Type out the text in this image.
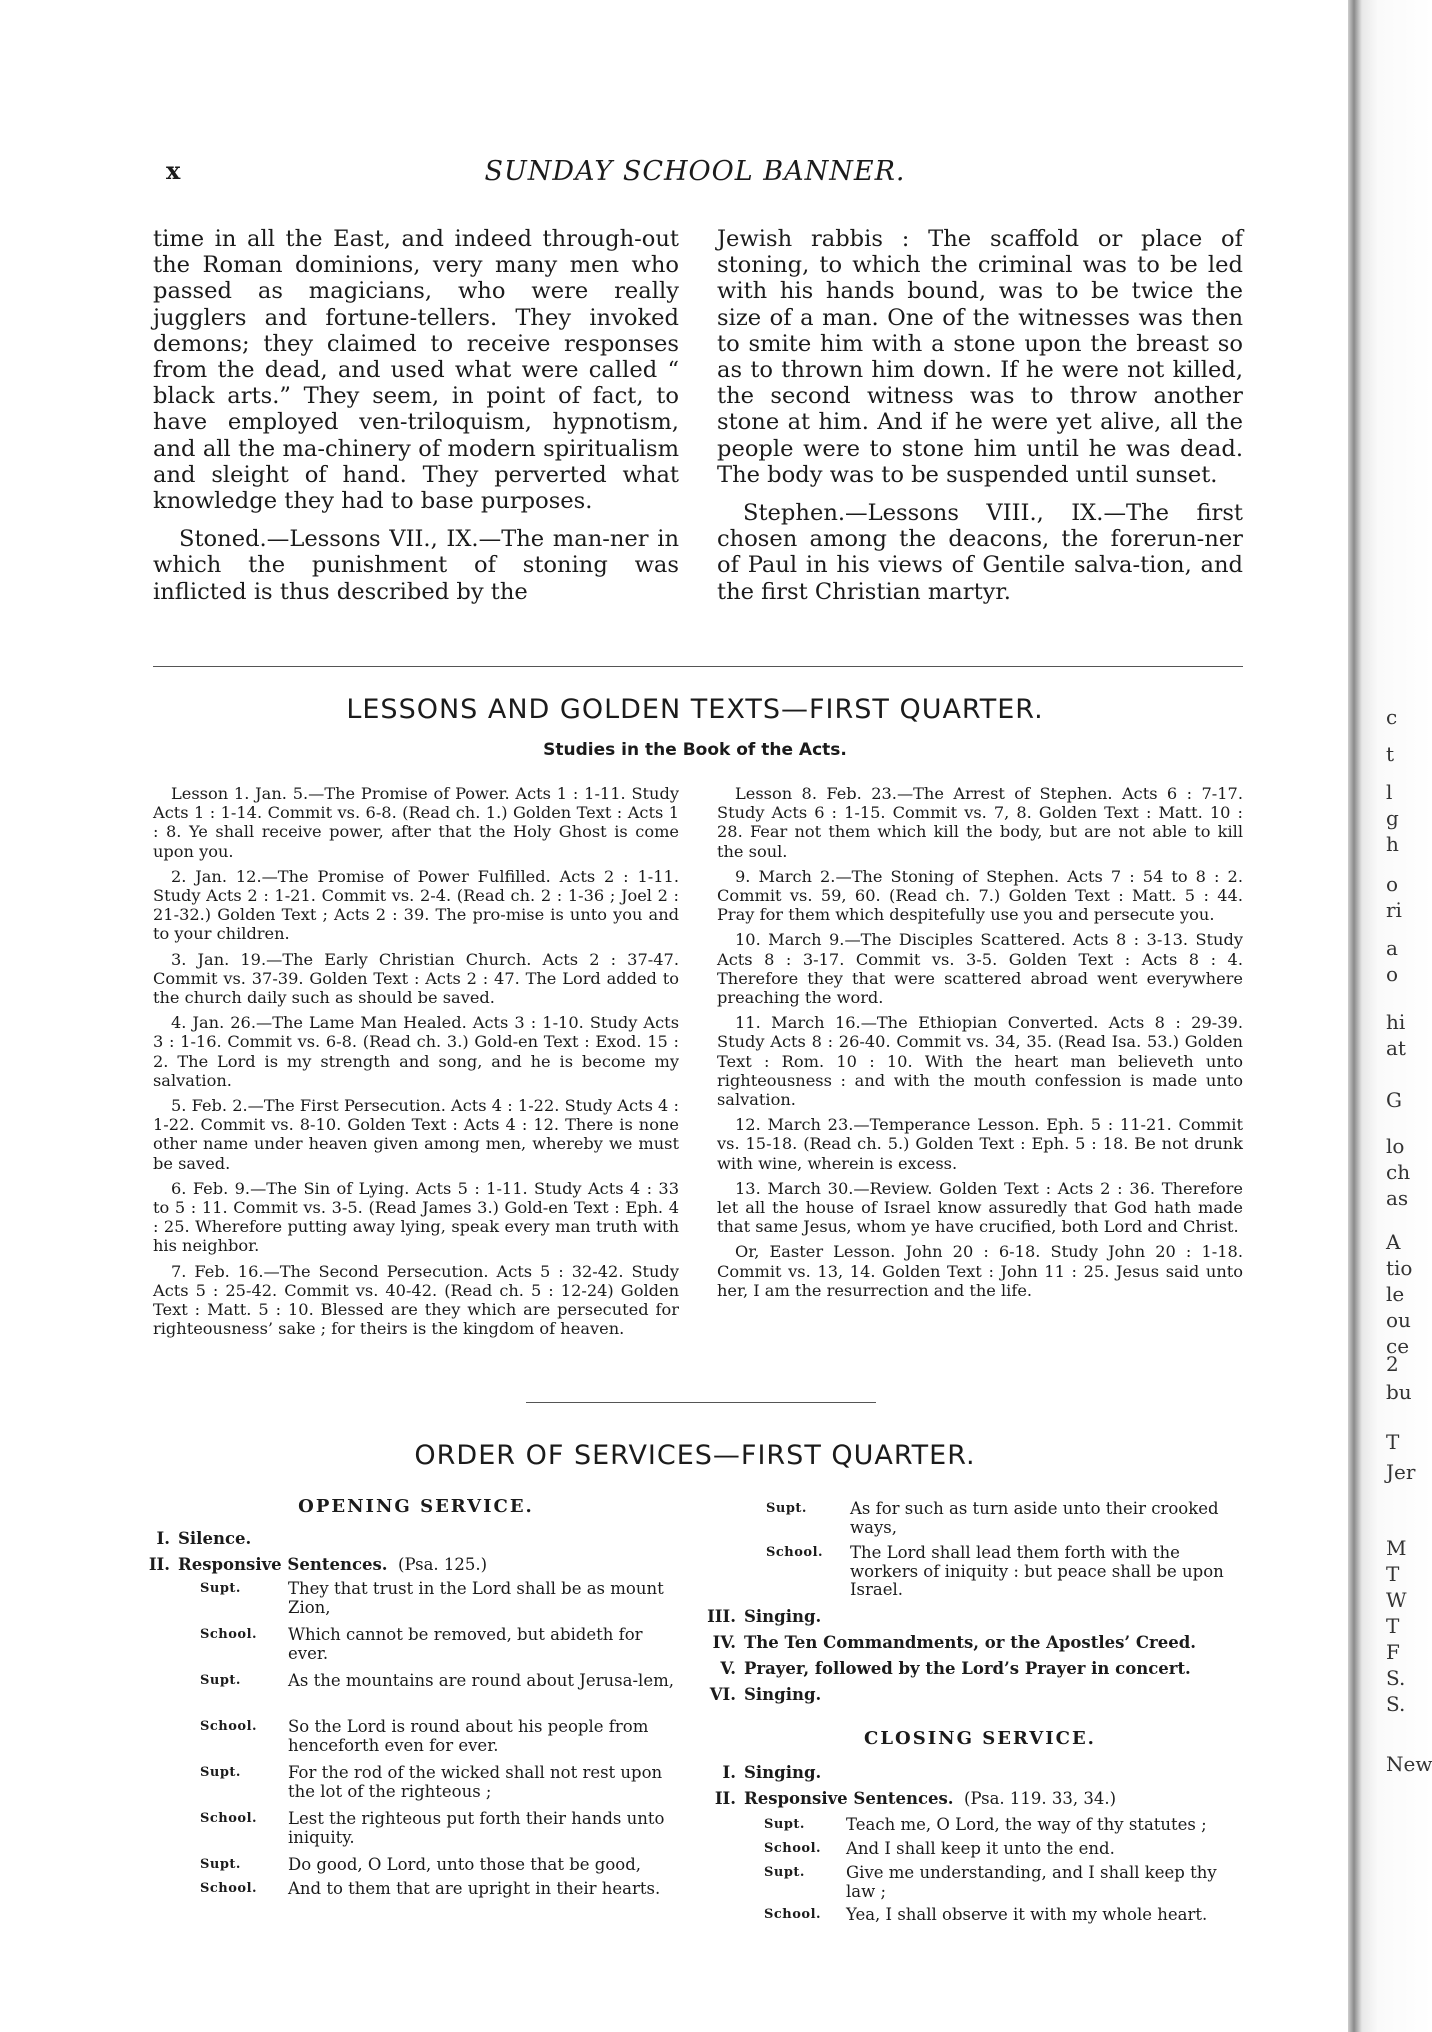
c
t
l
g
h
o
ri
a
o
hi
at
G
lo
ch
as
A
tio
le
ou
ce
2
bu
T
Jer
M
T
W
T
F
S.
S.
New
x	SUNDAY SCHOOL BANNER.

time in all the East, and indeed through-out the Roman dominions, very many men who passed as magicians, who were really jugglers and fortune-tellers. They invoked demons; they claimed to receive responses from the dead, and used what were called “ black arts.” They seem, in point of fact, to have employed ven-triloquism, hypnotism, and all the ma-chinery of modern spiritualism and sleight of hand. They perverted what knowledge they had to base purposes.

Stoned.—Lessons VII., IX.—The man-ner in which the punishment of stoning was inflicted is thus described by the

Jewish rabbis : The scaffold or place of stoning, to which the criminal was to be led with his hands bound, was to be twice the size of a man. One of the witnesses was then to smite him with a stone upon the breast so as to thrown him down. If he were not killed, the second witness was to throw another stone at him. And if he were yet alive, all the people were to stone him until he was dead. The body was to be suspended until sunset.

Stephen.—Lessons VIII., IX.—The first chosen among the deacons, the forerun-ner of Paul in his views of Gentile salva-tion, and the first Christian martyr.

LESSONS AND GOLDEN TEXTS—FIRST QUARTER.
Studies in the Book of the Acts.

Lesson 1. Jan. 5.—The Promise of Power. Acts 1 : 1-11. Study Acts 1 : 1-14. Commit vs. 6-8. (Read ch. 1.) Golden Text : Acts 1 : 8. Ye shall receive power, after that the Holy Ghost is come upon you.

2. Jan. 12.—The Promise of Power Fulfilled. Acts 2 : 1-11. Study Acts 2 : 1-21. Commit vs. 2-4. (Read ch. 2 : 1-36 ; Joel 2 : 21-32.) Golden Text ; Acts 2 : 39. The pro-mise is unto you and to your children.

3. Jan. 19.—The Early Christian Church. Acts 2 : 37-47. Commit vs. 37-39. Golden Text : Acts 2 : 47. The Lord added to the church daily such as should be saved.

4. Jan. 26.—The Lame Man Healed. Acts 3 : 1-10. Study Acts 3 : 1-16. Commit vs. 6-8. (Read ch. 3.) Gold-en Text : Exod. 15 : 2. The Lord is my strength and song, and he is become my salvation.

5. Feb. 2.—The First Persecution. Acts 4 : 1-22. Study Acts 4 : 1-22. Commit vs. 8-10. Golden Text : Acts 4 : 12. There is none other name under heaven given among men, whereby we must be saved.

6. Feb. 9.—The Sin of Lying. Acts 5 : 1-11. Study Acts 4 : 33 to 5 : 11. Commit vs. 3-5. (Read James 3.) Gold-en Text : Eph. 4 : 25. Wherefore putting away lying, speak every man truth with his neighbor.

7. Feb. 16.—The Second Persecution. Acts 5 : 32-42. Study Acts 5 : 25-42. Commit vs. 40-42. (Read ch. 5 : 12-24) Golden Text : Matt. 5 : 10. Blessed are they which are persecuted for righteousness’ sake ; for theirs is the kingdom of heaven.

Lesson 8. Feb. 23.—The Arrest of Stephen. Acts 6 : 7-17. Study Acts 6 : 1-15. Commit vs. 7, 8. Golden Text : Matt. 10 : 28. Fear not them which kill the body, but are not able to kill the soul.

9. March 2.—The Stoning of Stephen. Acts 7 : 54 to 8 : 2. Commit vs. 59, 60. (Read ch. 7.) Golden Text : Matt. 5 : 44. Pray for them which despitefully use you and persecute you.

10. March 9.—The Disciples Scattered. Acts 8 : 3-13. Study Acts 8 : 3-17. Commit vs. 3-5. Golden Text : Acts 8 : 4. Therefore they that were scattered abroad went everywhere preaching the word.

11. March 16.—The Ethiopian Converted. Acts 8 : 29-39. Study Acts 8 : 26-40. Commit vs. 34, 35. (Read Isa. 53.) Golden Text : Rom. 10 : 10. With the heart man believeth unto righteousness : and with the mouth confession is made unto salvation.

12. March 23.—Temperance Lesson. Eph. 5 : 11-21. Commit vs. 15-18. (Read ch. 5.) Golden Text : Eph. 5 : 18. Be not drunk with wine, wherein is excess.

13. March 30.—Review. Golden Text : Acts 2 : 36. Therefore let all the house of Israel know assuredly that God hath made that same Jesus, whom ye have crucified, both Lord and Christ.

Or, Easter Lesson. John 20 : 6-18. Study John 20 : 1-18. Commit vs. 13, 14. Golden Text : John 11 : 25. Jesus said unto her, I am the resurrection and the life.

ORDER OF SERVICES—FIRST QUARTER.
OPENING SERVICE.
I. Silence.
II. Responsive Sentences. (Psa. 125.)
Supt.	They that trust in the Lord shall be as mount Zion,
School. Which cannot be removed, but abideth for ever.
Supt.	As the mountains are round about Jerusa-lem,
School. So the Lord is round about his people from henceforth even for ever.
Supt.	For the rod of the wicked shall not rest upon the lot of the righteous ;
School. Lest the righteous put forth their hands unto iniquity.
Supt.	Do good, O Lord, unto those that be good,
School. And to them that are upright in their hearts.
Supt.	As for such as turn aside unto their crooked ways,
School. The Lord shall lead them forth with the workers of iniquity : but peace shall be upon Israel.
III. Singing.
IV. The Ten Commandments, or the Apostles’ Creed.
V. Prayer, followed by the Lord’s Prayer in concert.
VI. Singing.
CLOSING SERVICE.
I. Singing.
II. Responsive Sentences. (Psa. 119. 33, 34.)
Supt. Teach me, O Lord, the way of thy statutes ;
School. And I shall keep it unto the end.
Supt. Give me understanding, and I shall keep thy law ;
School. Yea, I shall observe it with my whole heart.
